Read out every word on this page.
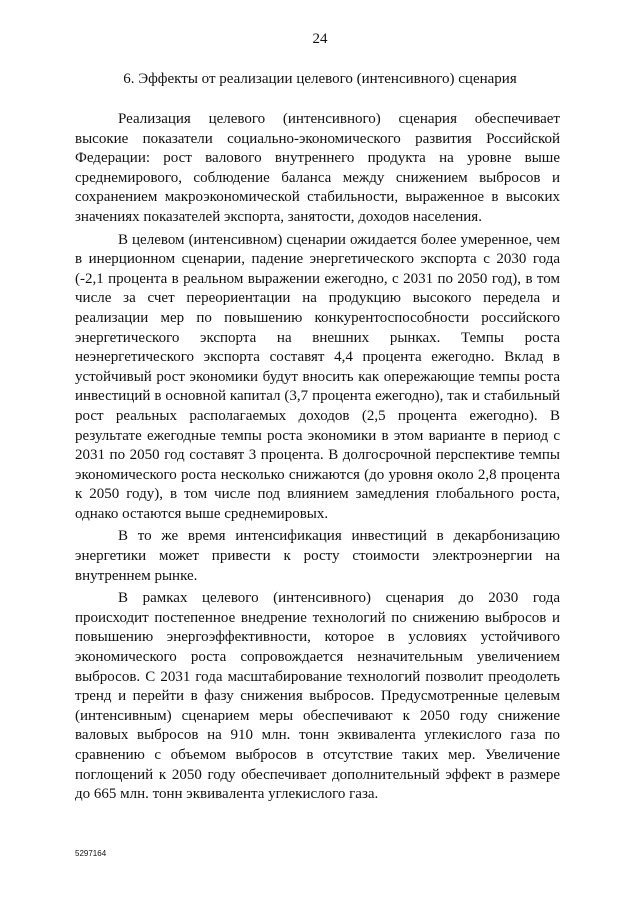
24
6. Эффекты от реализации целевого (интенсивного) сценария

Реализация целевого (интенсивного) сценария обеспечивает высокие показатели социально-экономического развития Российской Федерации: рост валового внутреннего продукта на уровне выше среднемирового, соблюдение баланса между снижением выбросов и сохранением макроэкономической стабильности, выраженное в высоких значениях показателей экспорта, занятости, доходов населения.

В целевом (интенсивном) сценарии ожидается более умеренное, чем в инерционном сценарии, падение энергетического экспорта с 2030 года (-2,1 процента в реальном выражении ежегодно, с 2031 по 2050 год), в том числе за счет переориентации на продукцию высокого передела и реализации мер по повышению конкурентоспособности российского энергетического экспорта на внешних рынках. Темпы роста неэнергетического экспорта составят 4,4 процента ежегодно. Вклад в устойчивый рост экономики будут вносить как опережающие темпы роста инвестиций в основной капитал (3,7 процента ежегодно), так и стабильный рост реальных располагаемых доходов (2,5 процента ежегодно). В результате ежегодные темпы роста экономики в этом варианте в период с 2031 по 2050 год составят 3 процента. В долгосрочной перспективе темпы экономического роста несколько снижаются (до уровня около 2,8 процента к 2050 году), в том числе под влиянием замедления глобального роста, однако остаются выше среднемировых.

В то же время интенсификация инвестиций в декарбонизацию энергетики может привести к росту стоимости электроэнергии на внутреннем рынке.

В рамках целевого (интенсивного) сценария до 2030 года происходит постепенное внедрение технологий по снижению выбросов и повышению энергоэффективности, которое в условиях устойчивого экономического роста сопровождается незначительным увеличением выбросов. С 2031 года масштабирование технологий позволит преодолеть тренд и перейти в фазу снижения выбросов. Предусмотренные целевым (интенсивным) сценарием меры обеспечивают к 2050 году снижение валовых выбросов на 910 млн. тонн эквивалента углекислого газа по сравнению с объемом выбросов в отсутствие таких мер. Увеличение поглощений к 2050 году обеспечивает дополнительный эффект в размере до 665 млн. тонн эквивалента углекислого газа.

5297164
